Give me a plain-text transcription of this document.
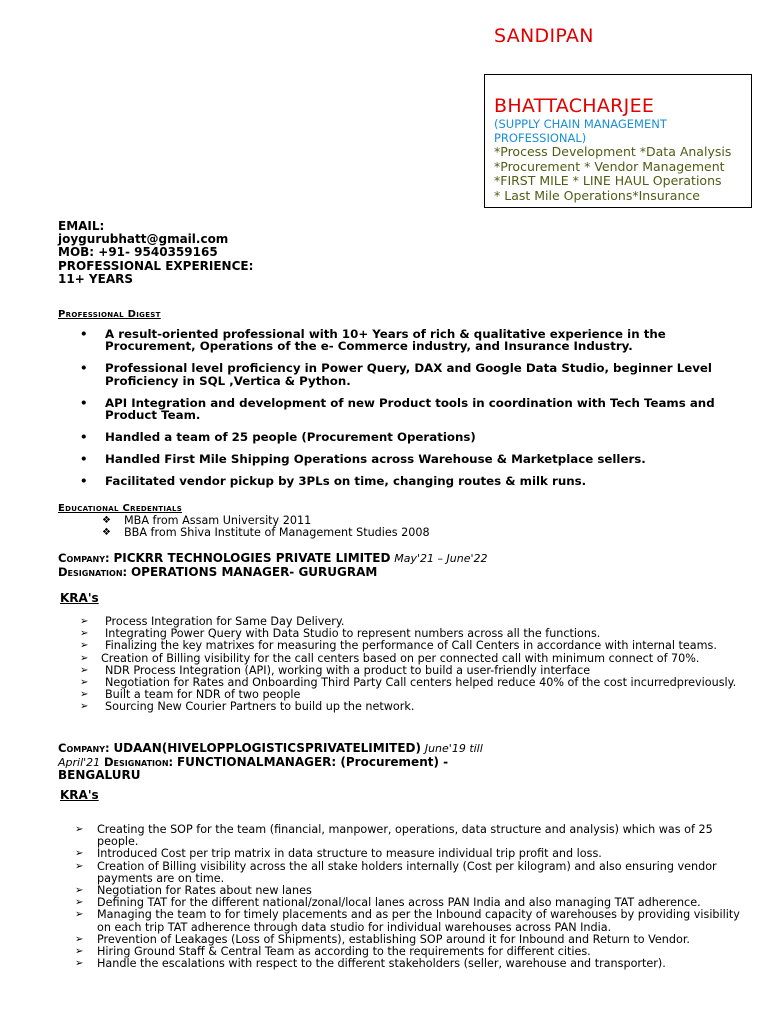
SANDIPAN
BHATTACHARJEE
(SUPPLY CHAIN MANAGEMENT PROFESSIONAL)
*Process Development *Data Analysis
*Procurement * Vendor Management
*FIRST MILE * LINE HAUL Operations
* Last Mile Operations*Insurance
EMAIL:
joygurubhatt@gmail.com
MOB: +91- 9540359165
PROFESSIONAL EXPERIENCE:
11+ YEARS
Professional Digest
• A result-oriented professional with 10+ Years of rich & qualitative experience in the Procurement, Operations of the e- Commerce industry, and Insurance Industry.
• Professional level proficiency in Power Query, DAX and Google Data Studio, beginner Level Proficiency in SQL ,Vertica & Python.
• API Integration and development of new Product tools in coordination with Tech Teams and Product Team.
• Handled a team of 25 people (Procurement Operations)
• Handled First Mile Shipping Operations across Warehouse & Marketplace sellers.
• Facilitated vendor pickup by 3PLs on time, changing routes & milk runs.
Educational Credentials
❖ MBA from Assam University 2011
❖ BBA from Shiva Institute of Management Studies 2008
Company: PICKRR TECHNOLOGIES PRIVATE LIMITED May'21 – June'22
Designation: OPERATIONS MANAGER- GURUGRAM
KRA's
➢ Process Integration for Same Day Delivery.
➢ Integrating Power Query with Data Studio to represent numbers across all the functions.
➢ Finalizing the key matrixes for measuring the performance of Call Centers in accordance with internal teams.
➢ Creation of Billing visibility for the call centers based on per connected call with minimum connect of 70%.
➢ NDR Process Integration (API), working with a product to build a user-friendly interface
➢ Negotiation for Rates and Onboarding Third Party Call centers helped reduce 40% of the cost incurredpreviously.
➢ Built a team for NDR of two people
➢ Sourcing New Courier Partners to build up the network.
Company: UDAAN(HIVELOPPLOGISTICSPRIVATELIMITED) June'19 till
April'21 Designation: FUNCTIONALMANAGER: (Procurement) -
BENGALURU
KRA's
➢ Creating the SOP for the team (financial, manpower, operations, data structure and analysis) which was of 25 people.
➢ Introduced Cost per trip matrix in data structure to measure individual trip profit and loss.
➢ Creation of Billing visibility across the all stake holders internally (Cost per kilogram) and also ensuring vendor payments are on time.
➢ Negotiation for Rates about new lanes
➢ Defining TAT for the different national/zonal/local lanes across PAN India and also managing TAT adherence.
➢ Managing the team to for timely placements and as per the Inbound capacity of warehouses by providing visibility on each trip TAT adherence through data studio for individual warehouses across PAN India.
➢ Prevention of Leakages (Loss of Shipments), establishing SOP around it for Inbound and Return to Vendor.
➢ Hiring Ground Staff & Central Team as according to the requirements for different cities.
➢ Handle the escalations with respect to the different stakeholders (seller, warehouse and transporter).
